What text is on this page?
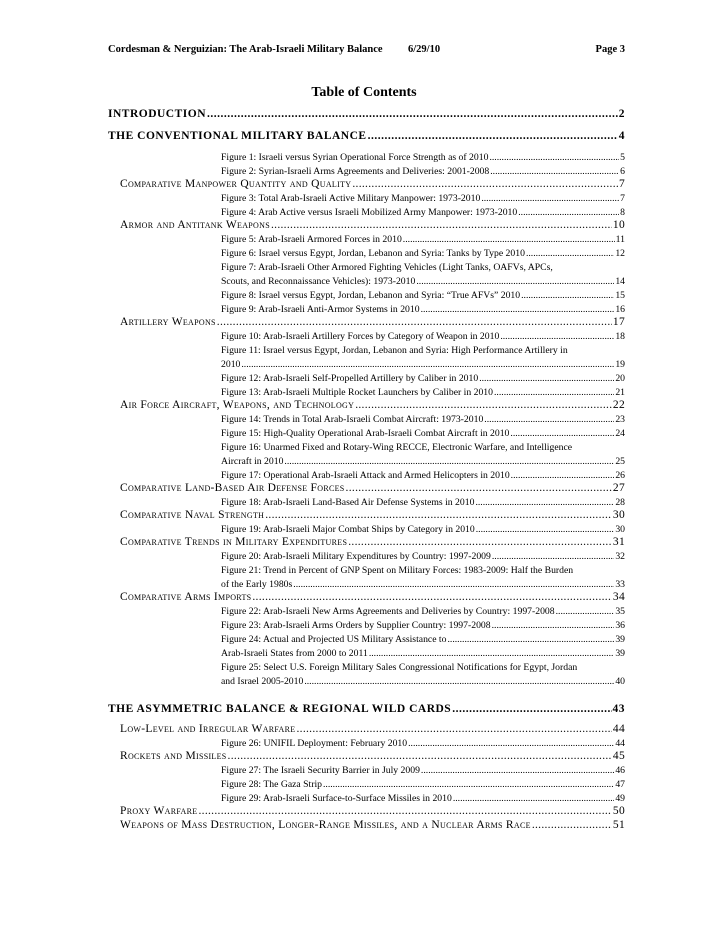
Cordesman & Nerguizian: The Arab-Israeli Military Balance 6/29/10	Page 3
Table of Contents
INTRODUCTION .....	2
THE CONVENTIONAL MILITARY BALANCE .....	4
Figure 1: Israeli versus Syrian Operational Force Strength as of 2010 .....	5
Figure 2: Syrian-Israeli Arms Agreements and Deliveries: 2001-2008 .....	6
Comparative Manpower Quantity and Quality .....	7
Figure 3: Total Arab-Israeli Active Military Manpower: 1973-2010 .....	7
Figure 4: Arab Active versus Israeli Mobilized Army Manpower: 1973-2010 .....	8
Armor and Antitank Weapons .....	10
Figure 5: Arab-Israeli Armored Forces in 2010 .....	11
Figure 6: Israel versus Egypt, Jordan, Lebanon and Syria: Tanks by Type 2010 .....	12
Figure 7: Arab-Israeli Other Armored Fighting Vehicles (Light Tanks, OAFVs, APCs,
Scouts, and Reconnaissance Vehicles): 1973-2010 .....	14
Figure 8: Israel versus Egypt, Jordan, Lebanon and Syria: “True AFVs” 2010 .....	15
Figure 9: Arab-Israeli Anti-Armor Systems in 2010 .....	16
Artillery Weapons .....	17
Figure 10: Arab-Israeli Artillery Forces by Category of Weapon in 2010 .....	18
Figure 11: Israel versus Egypt, Jordan, Lebanon and Syria: High Performance Artillery in
2010 .....	19
Figure 12: Arab-Israeli Self-Propelled Artillery by Caliber in 2010 .....	20
Figure 13: Arab-Israeli Multiple Rocket Launchers by Caliber in 2010 .....	21
Air Force Aircraft, Weapons, and Technology .....	22
Figure 14: Trends in Total Arab-Israeli Combat Aircraft: 1973-2010 .....	23
Figure 15: High-Quality Operational Arab-Israeli Combat Aircraft in 2010 .....	24
Figure 16: Unarmed Fixed and Rotary-Wing RECCE, Electronic Warfare, and Intelligence
Aircraft in 2010 .....	25
Figure 17: Operational Arab-Israeli Attack and Armed Helicopters in 2010 .....	26
Comparative Land-Based Air Defense Forces .....	27
Figure 18: Arab-Israeli Land-Based Air Defense Systems in 2010 .....	28
Comparative Naval Strength .....	30
Figure 19: Arab-Israeli Major Combat Ships by Category in 2010 .....	30
Comparative Trends in Military Expenditures .....	31
Figure 20: Arab-Israeli Military Expenditures by Country: 1997-2009 .....	32
Figure 21: Trend in Percent of GNP Spent on Military Forces: 1983-2009: Half the Burden
of the Early 1980s .....	33
Comparative Arms Imports .....	34
Figure 22: Arab-Israeli New Arms Agreements and Deliveries by Country: 1997-2008 .....	35
Figure 23: Arab-Israeli Arms Orders by Supplier Country: 1997-2008 .....	36
Figure 24: Actual and Projected US Military Assistance to .....	39
Arab-Israeli States from 2000 to 2011 .....	39
Figure 25: Select U.S. Foreign Military Sales Congressional Notifications for Egypt, Jordan
and Israel 2005-2010 .....	40
THE ASYMMETRIC BALANCE & REGIONAL WILD CARDS .....	43
Low-Level and Irregular Warfare .....	44
Figure 26: UNIFIL Deployment: February 2010 .....	44
Rockets and Missiles .....	45
Figure 27: The Israeli Security Barrier in July 2009 .....	46
Figure 28: The Gaza Strip .....	47
Figure 29: Arab-Israeli Surface-to-Surface Missiles in 2010 .....	49
Proxy Warfare .....	50
Weapons of Mass Destruction, Longer-Range Missiles, and a Nuclear Arms Race .....	51
